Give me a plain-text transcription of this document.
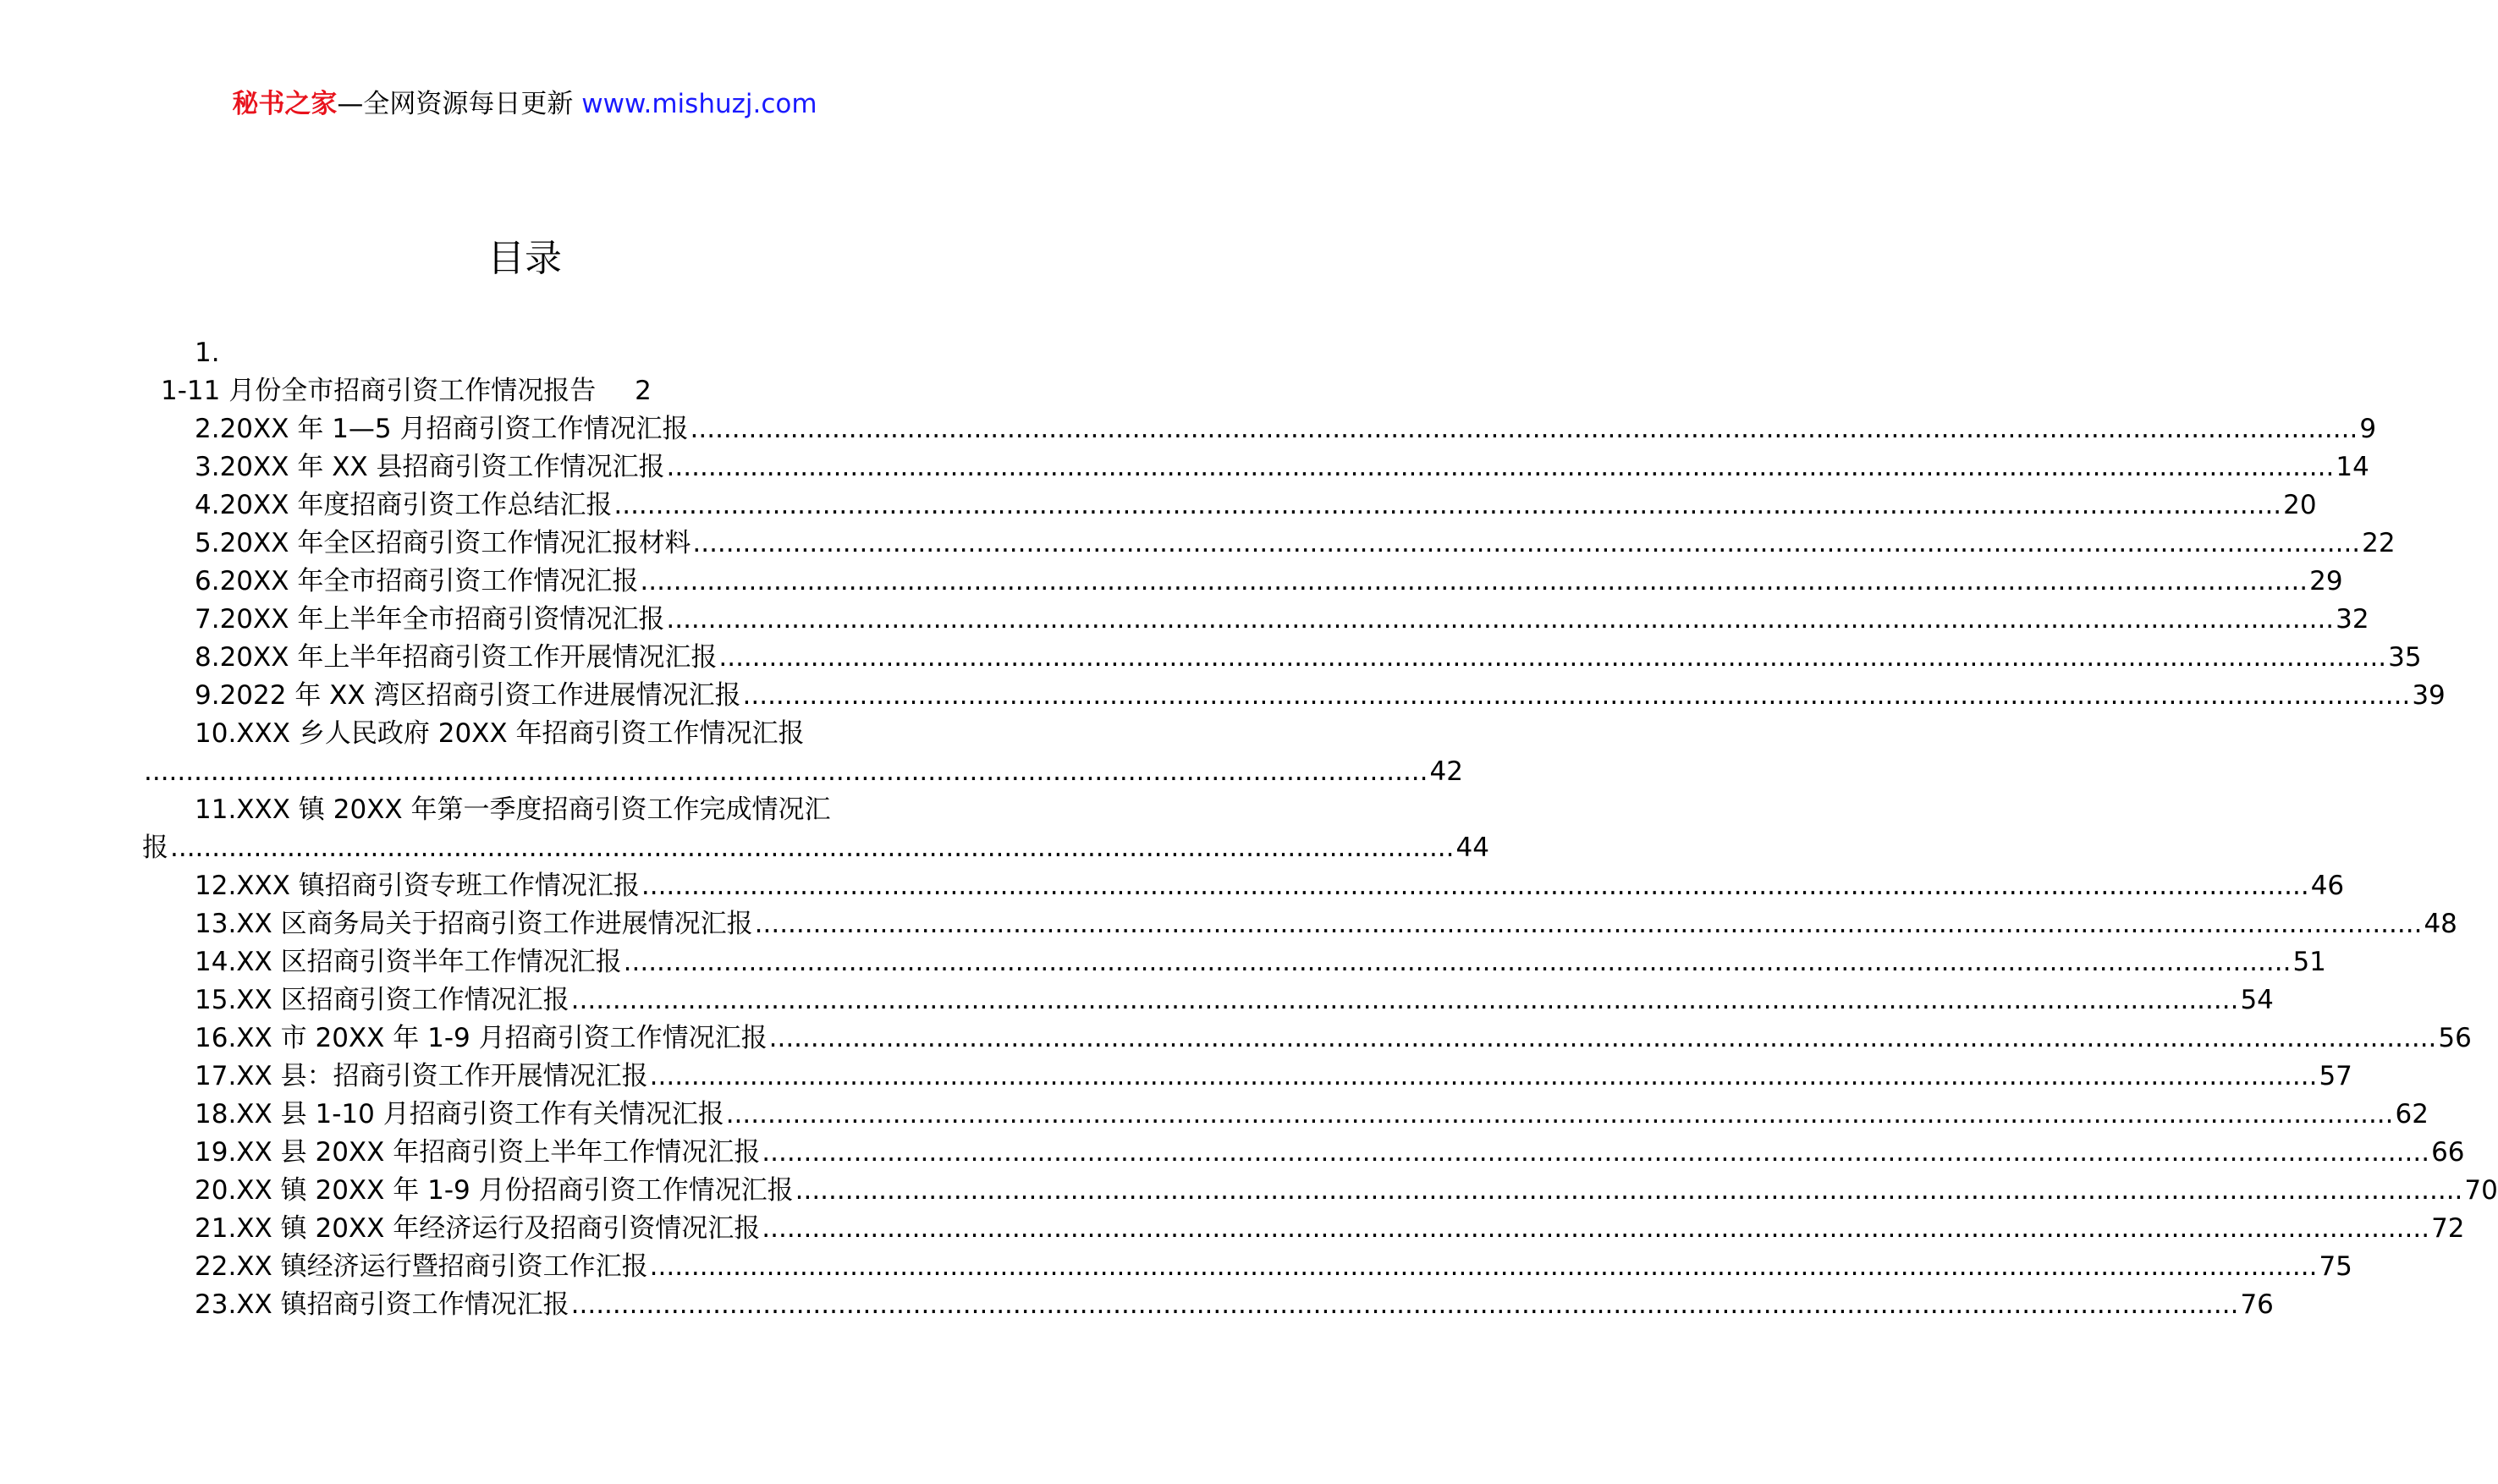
秘书之家—全网资源每日更新 www.mishuzj.com
目录
1.
1-11 月份全市招商引资工作情况报告 2
2.20XX 年 1—5 月招商引资工作情况汇报 ........................................................................................................................................................................................................ 9
3.20XX 年 XX 县招商引资工作情况汇报 ........................................................................................................................................................................................................ 14
4.20XX 年度招商引资工作总结汇报 ........................................................................................................................................................................................................ 20
5.20XX 年全区招商引资工作情况汇报材料 ........................................................................................................................................................................................................ 22
6.20XX 年全市招商引资工作情况汇报 ........................................................................................................................................................................................................ 29
7.20XX 年上半年全市招商引资情况汇报 ........................................................................................................................................................................................................ 32
8.20XX 年上半年招商引资工作开展情况汇报 ........................................................................................................................................................................................................ 35
9.2022 年 XX 湾区招商引资工作进展情况汇报 ........................................................................................................................................................................................................ 39
10.XXX 乡人民政府 20XX 年招商引资工作情况汇报
.......................................................................................................................................................... 42
11.XXX 镇 20XX 年第一季度招商引资工作完成情况汇
报 .......................................................................................................................................................... 44
12.XXX 镇招商引资专班工作情况汇报 ........................................................................................................................................................................................................ 46
13.XX 区商务局关于招商引资工作进展情况汇报 ........................................................................................................................................................................................................ 48
14.XX 区招商引资半年工作情况汇报 ........................................................................................................................................................................................................ 51
15.XX 区招商引资工作情况汇报 ........................................................................................................................................................................................................ 54
16.XX 市 20XX 年 1-9 月招商引资工作情况汇报 ........................................................................................................................................................................................................ 56
17.XX 县：招商引资工作开展情况汇报 ........................................................................................................................................................................................................ 57
18.XX 县 1-10 月招商引资工作有关情况汇报 ........................................................................................................................................................................................................ 62
19.XX 县 20XX 年招商引资上半年工作情况汇报 ........................................................................................................................................................................................................ 66
20.XX 镇 20XX 年 1-9 月份招商引资工作情况汇报 ........................................................................................................................................................................................................ 70
21.XX 镇 20XX 年经济运行及招商引资情况汇报 ........................................................................................................................................................................................................ 72
22.XX 镇经济运行暨招商引资工作汇报 ........................................................................................................................................................................................................ 75
23.XX 镇招商引资工作情况汇报 ........................................................................................................................................................................................................ 76
